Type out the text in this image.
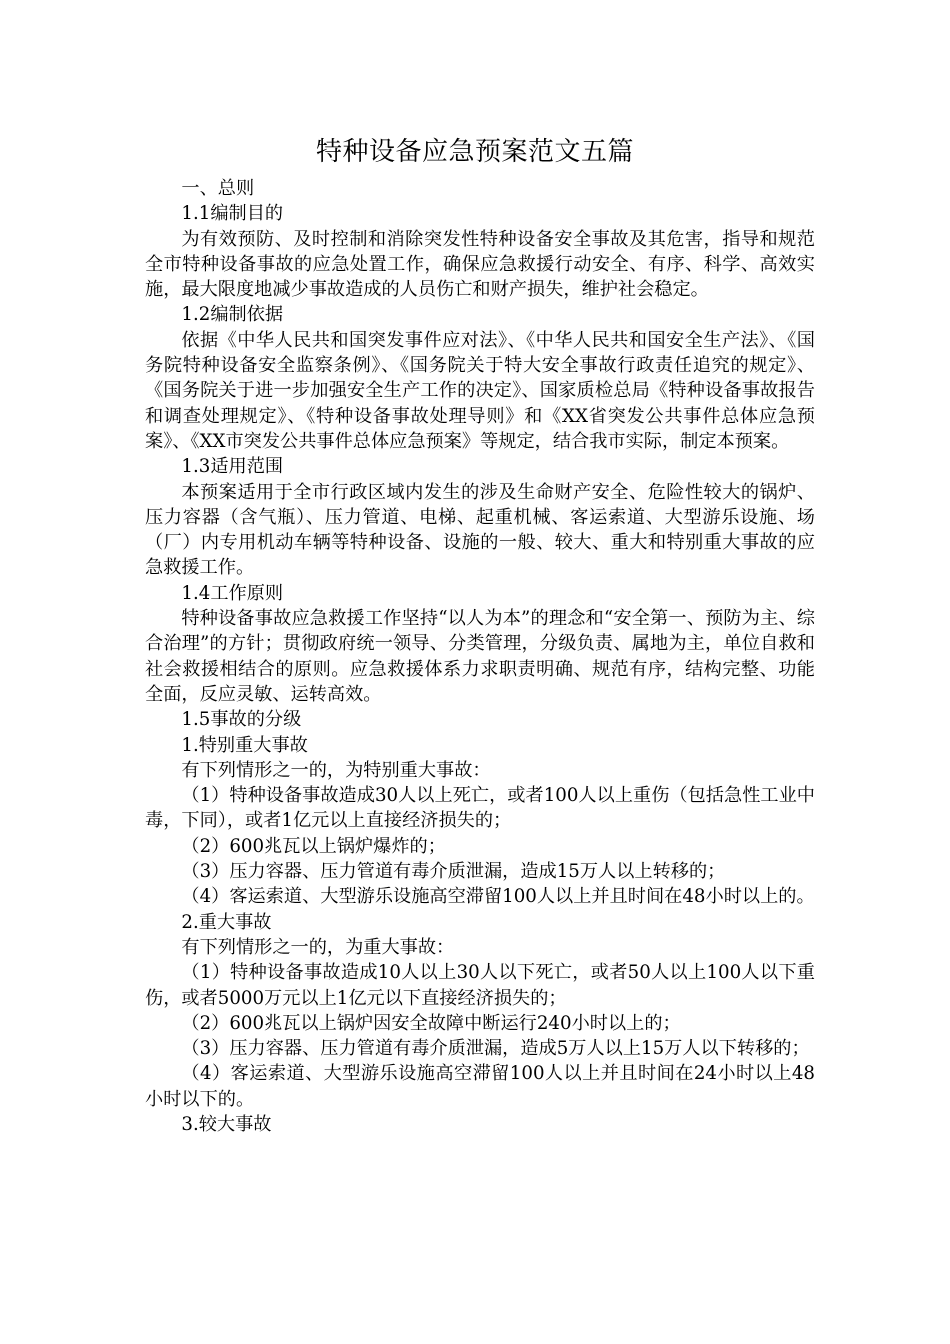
特种设备应急预案范文五篇

一、总则

1.1编制目的

为有效预防、及时控制和消除突发性特种设备安全事故及其危害，指导和规范全市特种设备事故的应急处置工作，确保应急救援行动安全、有序、科学、高效实施，最大限度地减少事故造成的人员伤亡和财产损失，维护社会稳定。

1.2编制依据

依据《中华人民共和国突发事件应对法》、《中华人民共和国安全生产法》、《国务院特种设备安全监察条例》、《国务院关于特大安全事故行政责任追究的规定》、《国务院关于进一步加强安全生产工作的决定》、国家质检总局《特种设备事故报告和调查处理规定》、《特种设备事故处理导则》和《XX省突发公共事件总体应急预案》、《XX市突发公共事件总体应急预案》等规定，结合我市实际，制定本预案。

1.3适用范围

本预案适用于全市行政区域内发生的涉及生命财产安全、危险性较大的锅炉、压力容器（含气瓶）、压力管道、电梯、起重机械、客运索道、大型游乐设施、场（厂）内专用机动车辆等特种设备、设施的一般、较大、重大和特别重大事故的应急救援工作。

1.4工作原则

特种设备事故应急救援工作坚持“以人为本”的理念和“安全第一、预防为主、综合治理”的方针；贯彻政府统一领导、分类管理，分级负责、属地为主，单位自救和社会救援相结合的原则。应急救援体系力求职责明确、规范有序，结构完整、功能全面，反应灵敏、运转高效。

1.5事故的分级

1.特别重大事故

有下列情形之一的，为特别重大事故：

（1）特种设备事故造成30人以上死亡，或者100人以上重伤（包括急性工业中毒，下同），或者1亿元以上直接经济损失的；

（2）600兆瓦以上锅炉爆炸的；

（3）压力容器、压力管道有毒介质泄漏，造成15万人以上转移的；

（4）客运索道、大型游乐设施高空滞留100人以上并且时间在48小时以上的。

2.重大事故

有下列情形之一的，为重大事故：

（1）特种设备事故造成10人以上30人以下死亡，或者50人以上100人以下重伤，或者5000万元以上1亿元以下直接经济损失的；

（2）600兆瓦以上锅炉因安全故障中断运行240小时以上的；

（3）压力容器、压力管道有毒介质泄漏，造成5万人以上15万人以下转移的；

（4）客运索道、大型游乐设施高空滞留100人以上并且时间在24小时以上48小时以下的。

3.较大事故
